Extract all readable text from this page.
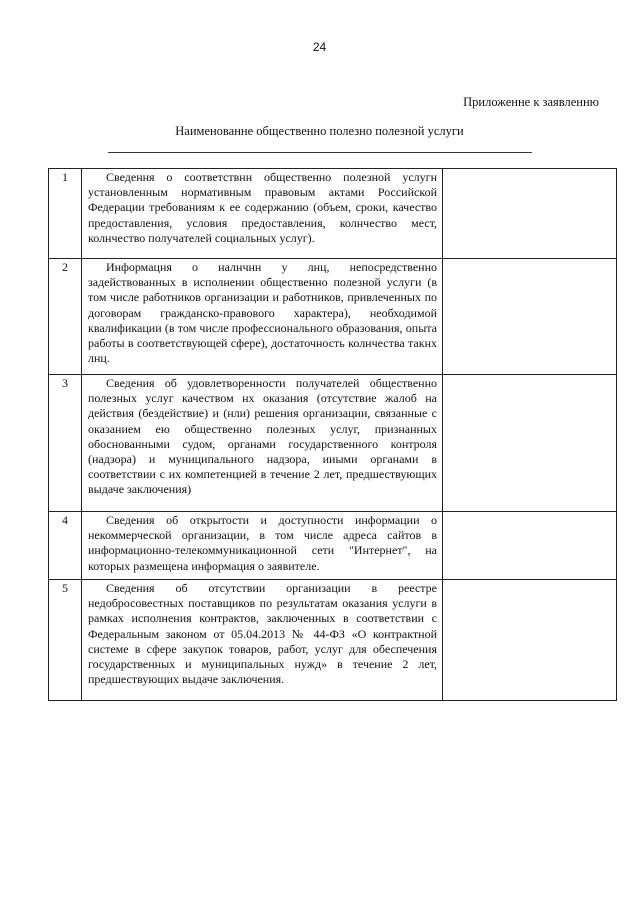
24
Приложенне к заявленню
Наименованне общественно полезно полезной услуги
1	Сведення о соответствнн общественно полезной услугн установленным нормативным правовым актами Российской Федерации требованиям к ее содержанию (объем, сроки, качество предоставления, условия предоставления, колнчество мест, колнчество получателей социальных услуг).	
2	Информацня о налнчнн у лнц, непосредственно задействованных в исполнении общественно полезной услуги (в том числе работников организации и работников, привлеченных по договорам гражданско-правового характера), необходимой квалификации (в том числе профессионального образования, опыта работы в соответствующей сфере), достаточность колнчества такнх лнц.	
3	Сведения об удовлетворенности получателей общественно полезных услуг качеством нх оказания (отсутствие жалоб на действия (бездействие) и (нли) решения организации, связанные с оказанием ею общественно полезных услуг, признанных обоснованными судом, органами государственного контроля (надзора) и муниципального надзора, ииыми органами в соответствии с их компетенцией в течение 2 лет, предшествующих выдаче заключения)	
4	Сведения об открытости и доступности информации о некоммерческой организации, в том числе адреса сайтов в информационно-телекоммуникационной сети "Интернет", на которых размещена информация о заявителе.	
5	Сведения об отсутствии организации в реестре недобросовестных поставщиков по результатам оказания услуги в рамках исполнения контрактов, заключенных в соответствии с Федеральным законом от 05.04.2013 № 44-ФЗ «О контрактной системе в сфере закупок товаров, работ, услуг для обеспечения государственных и муниципальных нужд» в течение 2 лет, предшествующих выдаче заключения.	
